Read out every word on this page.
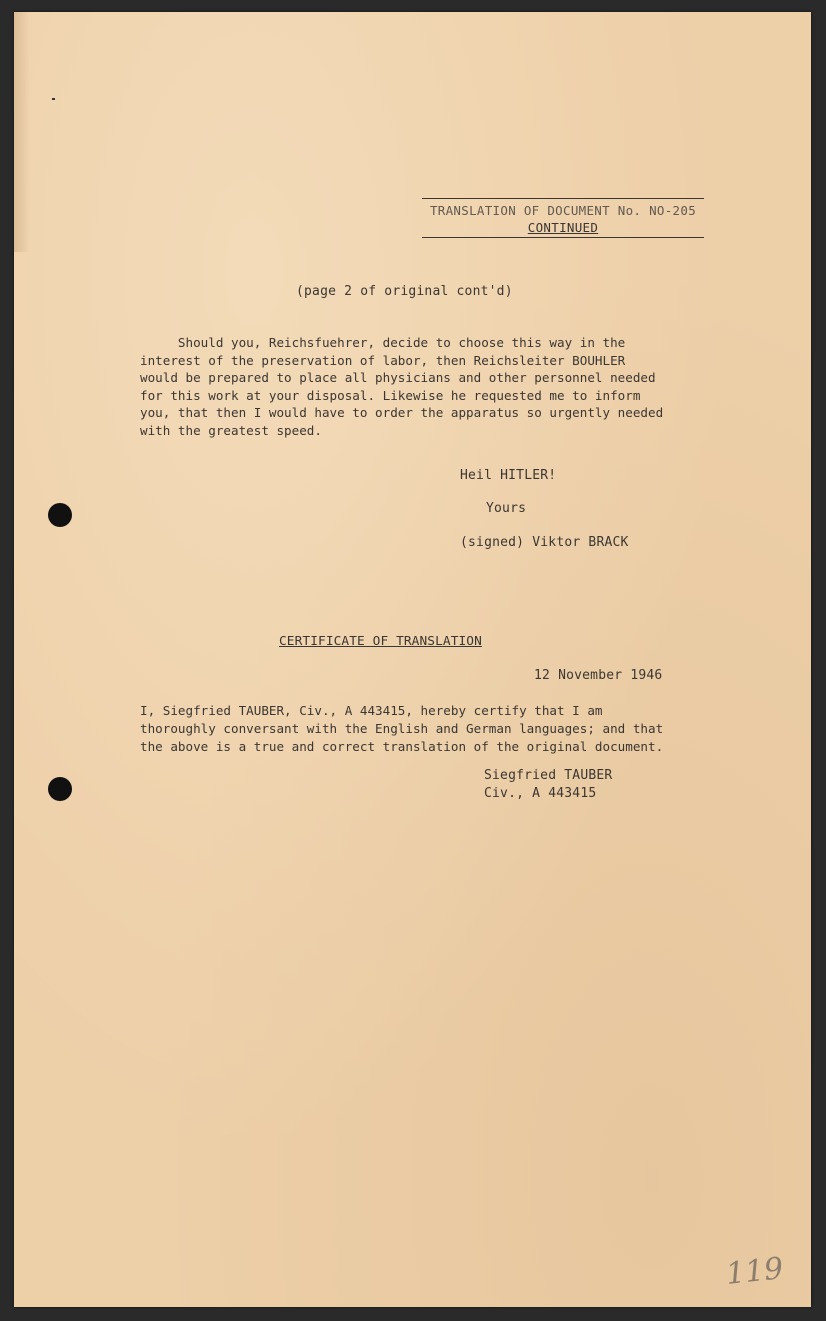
TRANSLATION OF DOCUMENT No. NO-205
CONTINUED
(page 2 of original cont'd)
Should you, Reichsfuehrer, decide to choose this way in the
interest of the preservation of labor, then Reichsleiter BOUHLER
would be prepared to place all physicians and other personnel needed
for this work at your disposal. Likewise he requested me to inform
you, that then I would have to order the apparatus so urgently needed
with the greatest speed.
Heil HITLER!
Yours
(signed) Viktor BRACK
CERTIFICATE OF TRANSLATION
12 November 1946
I, Siegfried TAUBER, Civ., A 443415, hereby certify that I am
thoroughly conversant with the English and German languages; and that
the above is a true and correct translation of the original document.
Siegfried TAUBER
Civ., A 443415
119
